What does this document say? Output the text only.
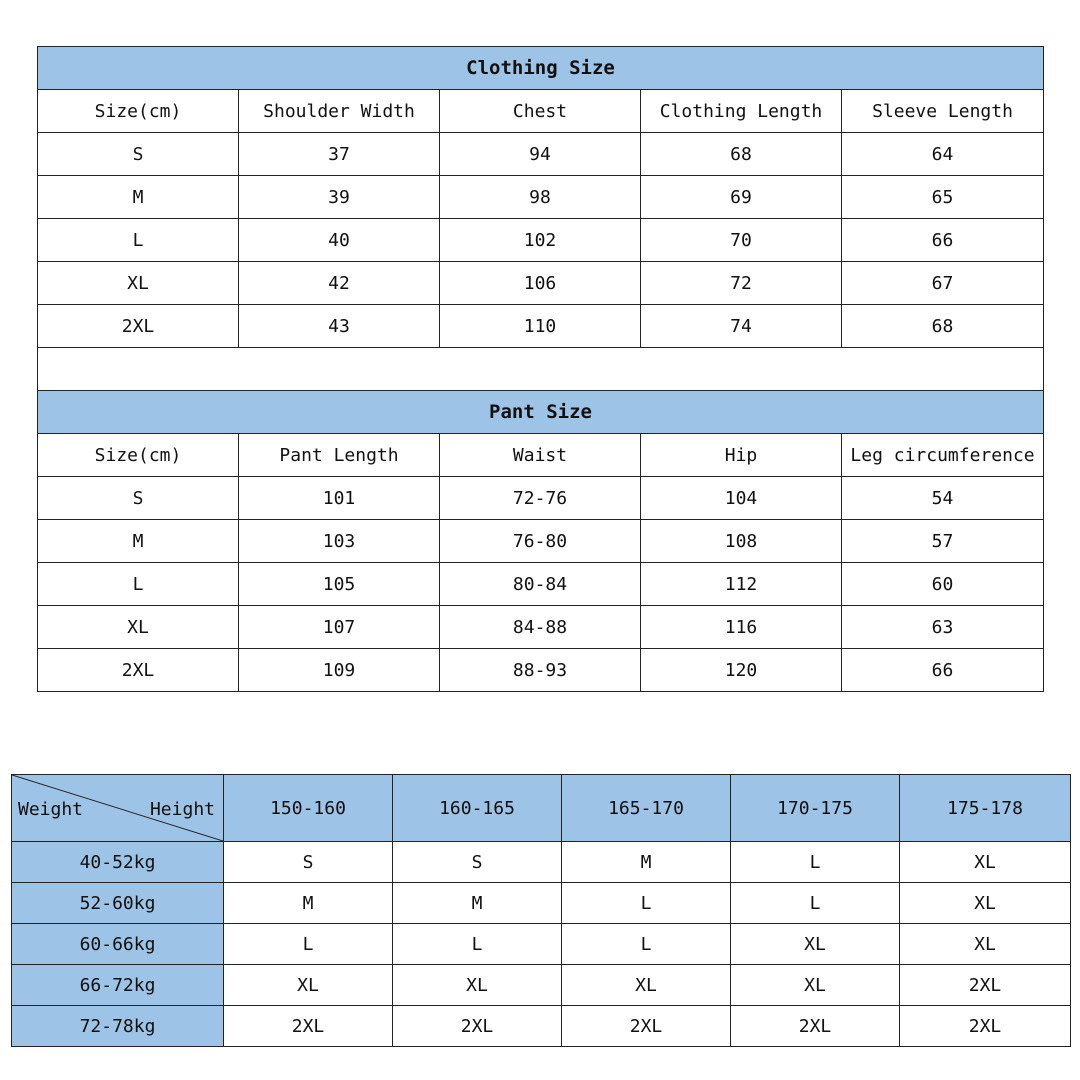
Clothing Size				
Size(cm)	Shoulder Width	Chest	Clothing Length	Sleeve Length
S	37	94	68	64
M	39	98	69	65
L	40	102	70	66
XL	42	106	72	67
2XL	43	110	74	68

Pant Size				
Size(cm)	Pant Length	Waist	Hip	Leg circumference
S	101	72-76	104	54
M	103	76-80	108	57
L	105	80-84	112	60
XL	107	84-88	116	63
2XL	109	88-93	120	66
Weight Height	150-160	160-165	165-170	170-175	175-178
40-52kg	S	S	M	L	XL
52-60kg	M	M	L	L	XL
60-66kg	L	L	L	XL	XL
66-72kg	XL	XL	XL	XL	2XL
72-78kg	2XL	2XL	2XL	2XL	2XL
